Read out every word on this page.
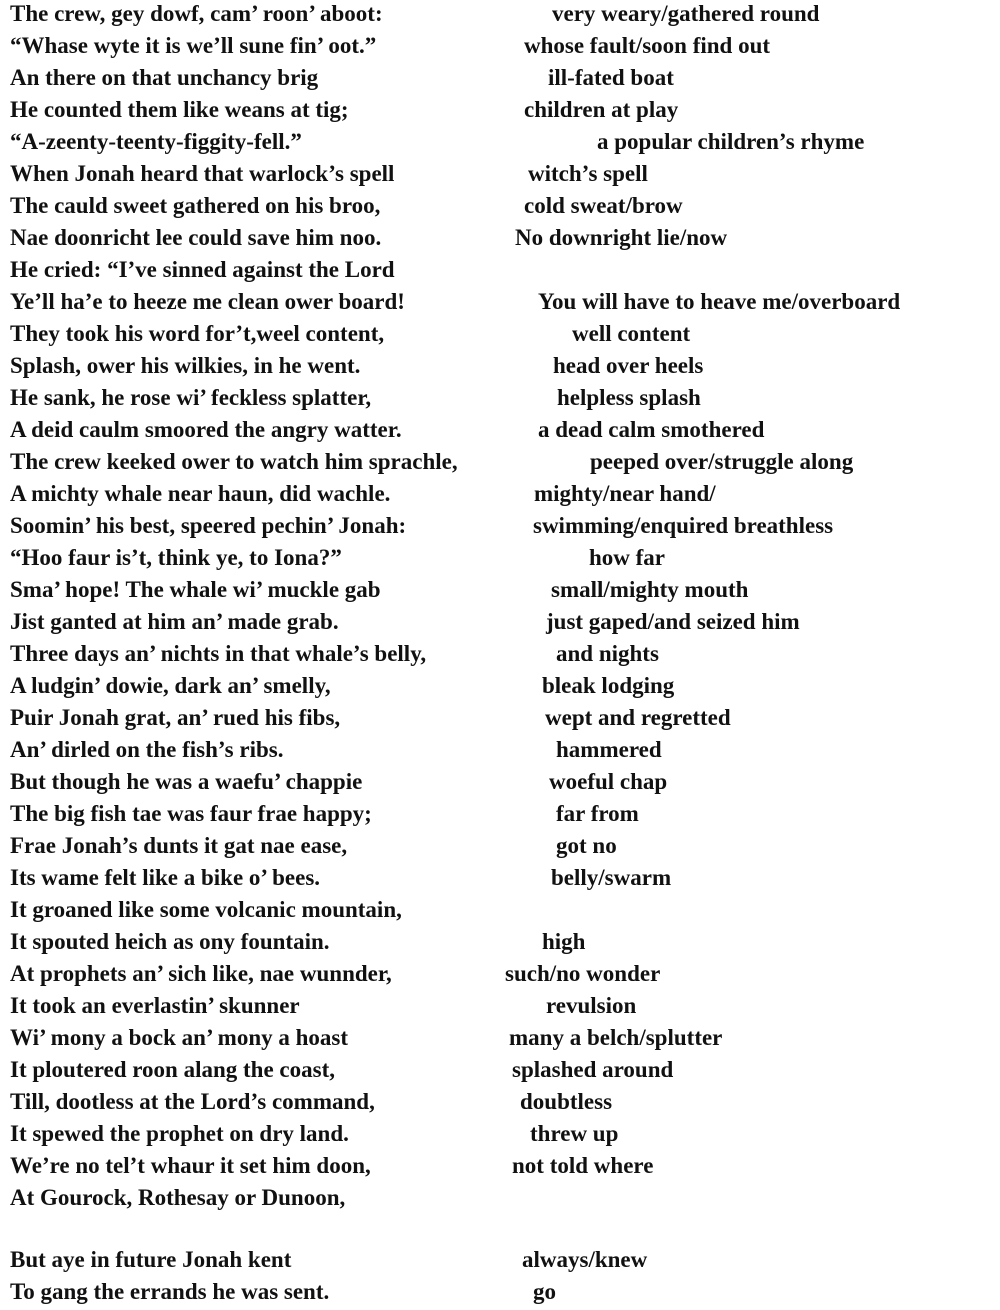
The crew, gey dowf, cam’ roon’ aboot:	very weary/gathered round
“Whase wyte it is we’ll sune fin’ oot.”	whose fault/soon find out
An there on that unchancy brig	ill-fated boat
He counted them like weans at tig;	children at play
“A-zeenty-teenty-figgity-fell.”	a popular children’s rhyme
When Jonah heard that warlock’s spell	witch’s spell
The cauld sweet gathered on his broo,	cold sweat/brow
Nae doonricht lee could save him noo.	No downright lie/now
He cried: “I’ve sinned against the Lord
Ye’ll ha’e to heeze me clean ower board!	You will have to heave me/overboard
They took his word for’t,weel content,	well content
Splash, ower his wilkies, in he went.	head over heels
He sank, he rose wi’ feckless splatter,	helpless splash
A deid caulm smoored the angry watter.	a dead calm smothered
The crew keeked ower to watch him sprachle,	peeped over/struggle along
A michty whale near haun, did wachle.	mighty/near hand/
Soomin’ his best, speered pechin’ Jonah:	swimming/enquired breathless
“Hoo faur is’t, think ye, to Iona?”	how far
Sma’ hope! The whale wi’ muckle gab	small/mighty mouth
Jist ganted at him an’ made grab.	just gaped/and seized him
Three days an’ nichts in that whale’s belly,	and nights
A ludgin’ dowie, dark an’ smelly,	bleak lodging
Puir Jonah grat, an’ rued his fibs,	wept and regretted
An’ dirled on the fish’s ribs.	hammered
But though he was a waefu’ chappie	woeful chap
The big fish tae was faur frae happy;	far from
Frae Jonah’s dunts it gat nae ease,	got no
Its wame felt like a bike o’ bees.	belly/swarm
It groaned like some volcanic mountain,
It spouted heich as ony fountain.	high
At prophets an’ sich like, nae wunnder,	such/no wonder
It took an everlastin’ skunner	revulsion
Wi’ mony a bock an’ mony a hoast	many a belch/splutter
It ploutered roon alang the coast,	splashed around
Till, dootless at the Lord’s command,	doubtless
It spewed the prophet on dry land.	threw up
We’re no tel’t whaur it set him doon,	not told where
At Gourock, Rothesay or Dunoon,
But aye in future Jonah kent	always/knew
To gang the errands he was sent.	go
